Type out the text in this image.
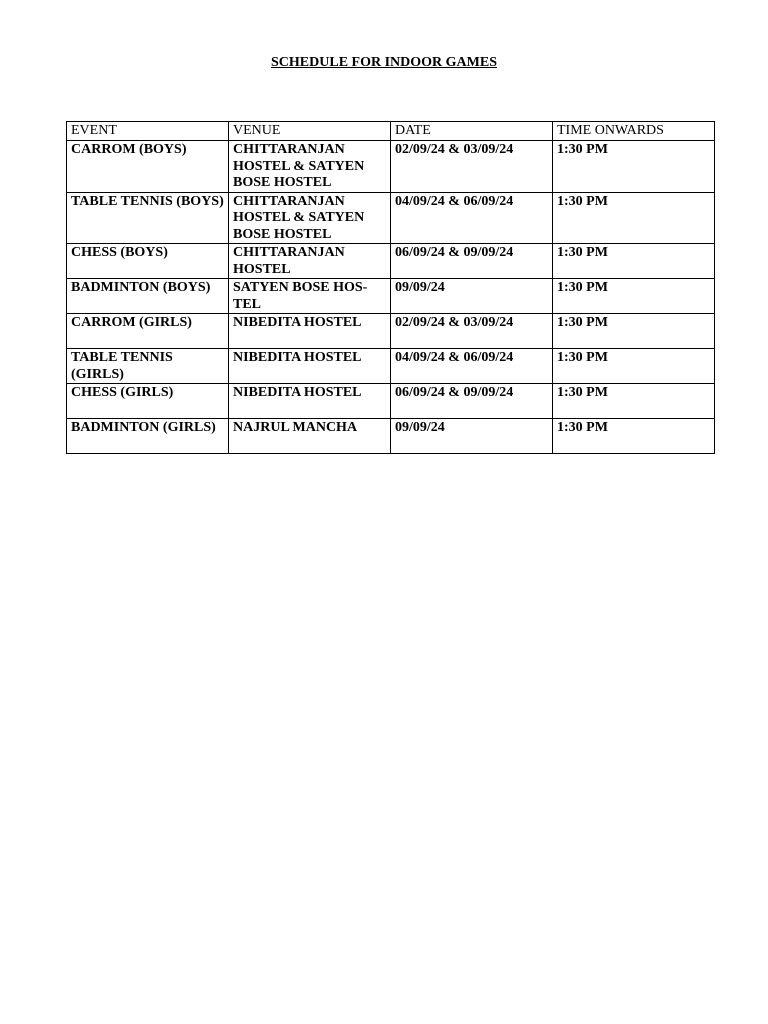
SCHEDULE FOR INDOOR GAMES
EVENT	VENUE	DATE	TIME ONWARDS
CARROM (BOYS)	CHITTARANJAN HOSTEL & SATYEN BOSE HOSTEL	02/09/24 & 03/09/24	1:30 PM
TABLE TENNIS (BOYS)	CHITTARANJAN HOSTEL & SATYEN BOSE HOSTEL	04/09/24 & 06/09/24	1:30 PM
CHESS (BOYS)	CHITTARANJAN HOSTEL	06/09/24 & 09/09/24	1:30 PM
BADMINTON (BOYS)	SATYEN BOSE HOS-TEL	09/09/24	1:30 PM
CARROM (GIRLS)	NIBEDITA HOSTEL	02/09/24 & 03/09/24	1:30 PM
TABLE TENNIS (GIRLS)	NIBEDITA HOSTEL	04/09/24 & 06/09/24	1:30 PM
CHESS (GIRLS)	NIBEDITA HOSTEL	06/09/24 & 09/09/24	1:30 PM
BADMINTON (GIRLS)	NAJRUL MANCHA	09/09/24	1:30 PM
